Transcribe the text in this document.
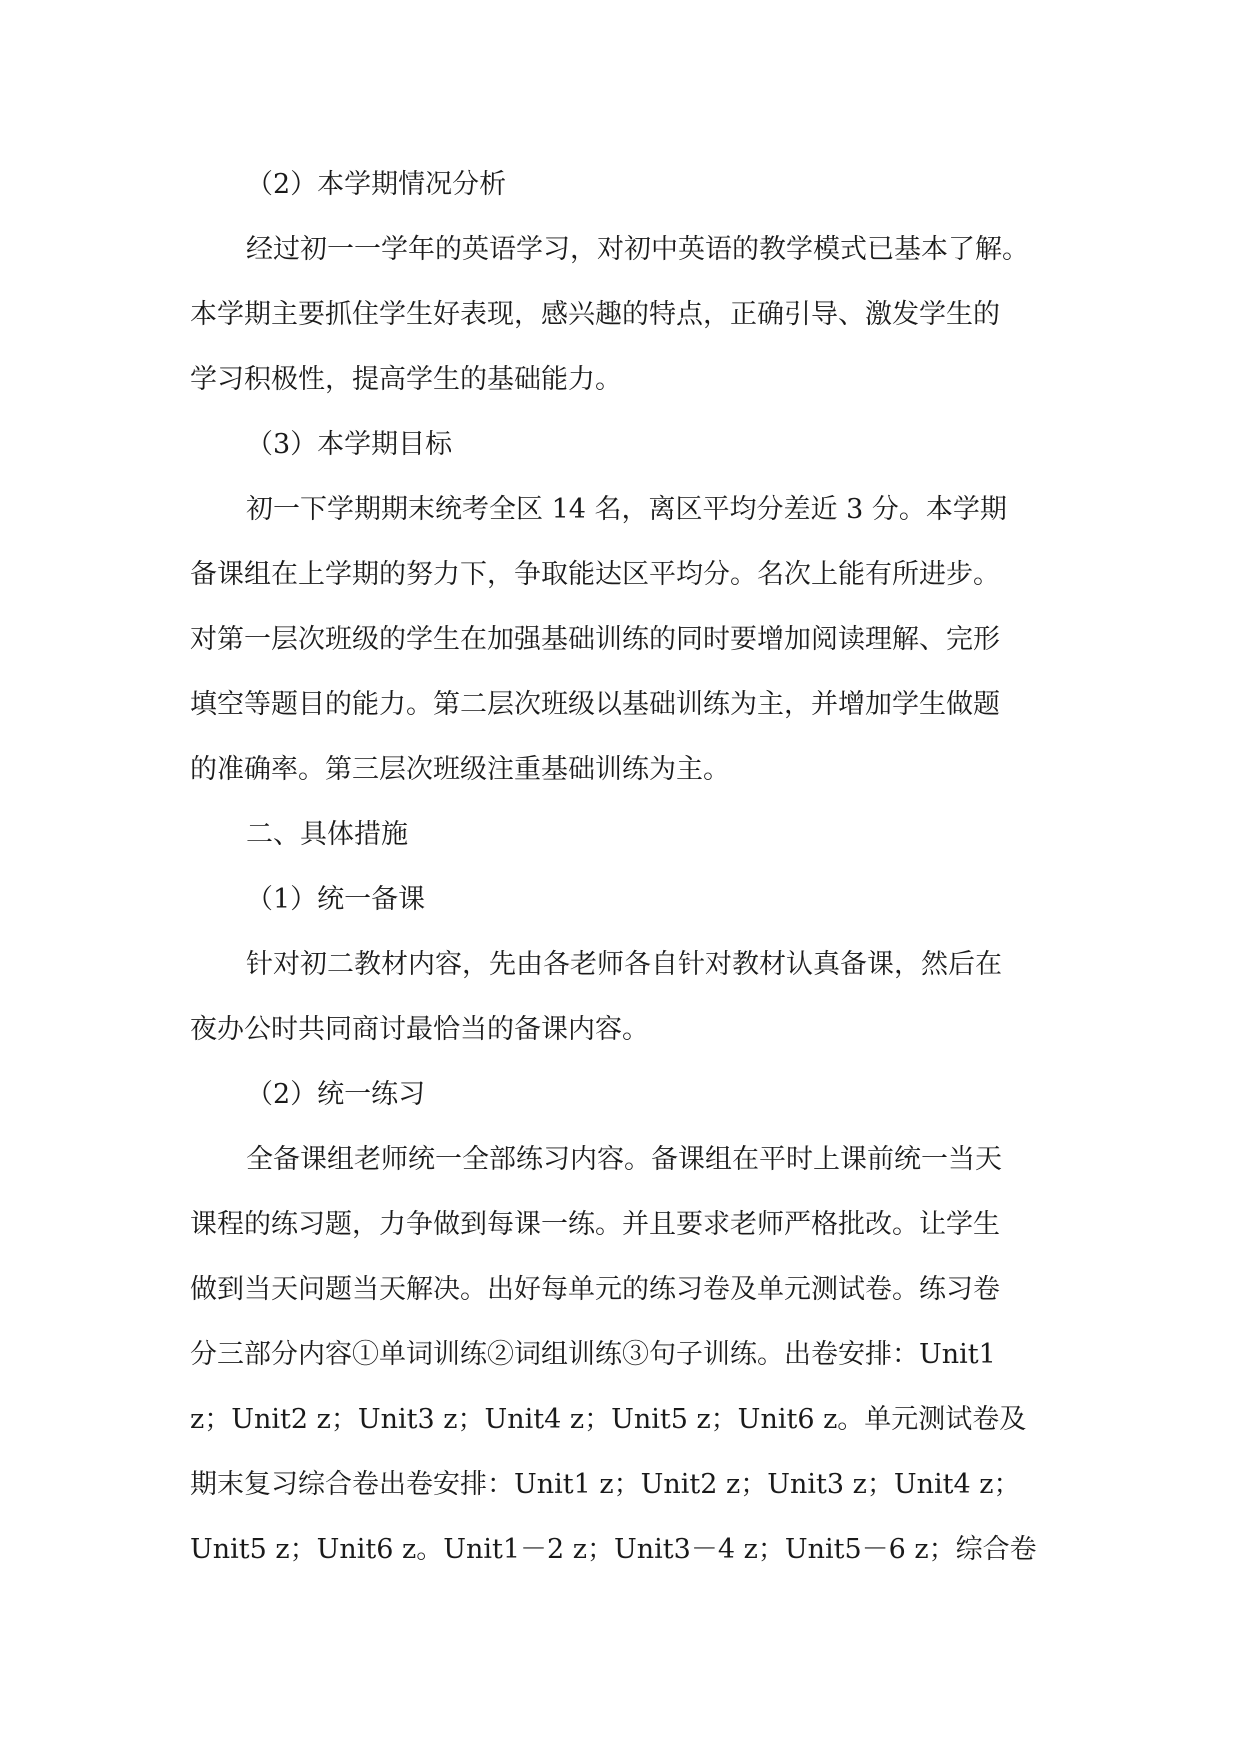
（2）本学期情况分析
经过初一一学年的英语学习，对初中英语的教学模式已基本了解。
本学期主要抓住学生好表现，感兴趣的特点，正确引导、激发学生的
学习积极性，提高学生的基础能力。
（3）本学期目标
初一下学期期末统考全区 14 名，离区平均分差近 3 分。本学期
备课组在上学期的努力下，争取能达区平均分。名次上能有所进步。
对第一层次班级的学生在加强基础训练的同时要增加阅读理解、完形
填空等题目的能力。第二层次班级以基础训练为主，并增加学生做题
的准确率。第三层次班级注重基础训练为主。
二、具体措施
（1）统一备课
针对初二教材内容，先由各老师各自针对教材认真备课，然后在
夜办公时共同商讨最恰当的备课内容。
（2）统一练习
全备课组老师统一全部练习内容。备课组在平时上课前统一当天
课程的练习题，力争做到每课一练。并且要求老师严格批改。让学生
做到当天问题当天解决。出好每单元的练习卷及单元测试卷。练习卷
分三部分内容①单词训练②词组训练③句子训练。出卷安排：Unit1
z；Unit2 z；Unit3 z；Unit4 z；Unit5 z；Unit6 z。单元测试卷及
期末复习综合卷出卷安排：Unit1 z；Unit2 z；Unit3 z；Unit4 z；
Unit5 z；Unit6 z。Unit1－2 z；Unit3－4 z；Unit5－6 z；综合卷
